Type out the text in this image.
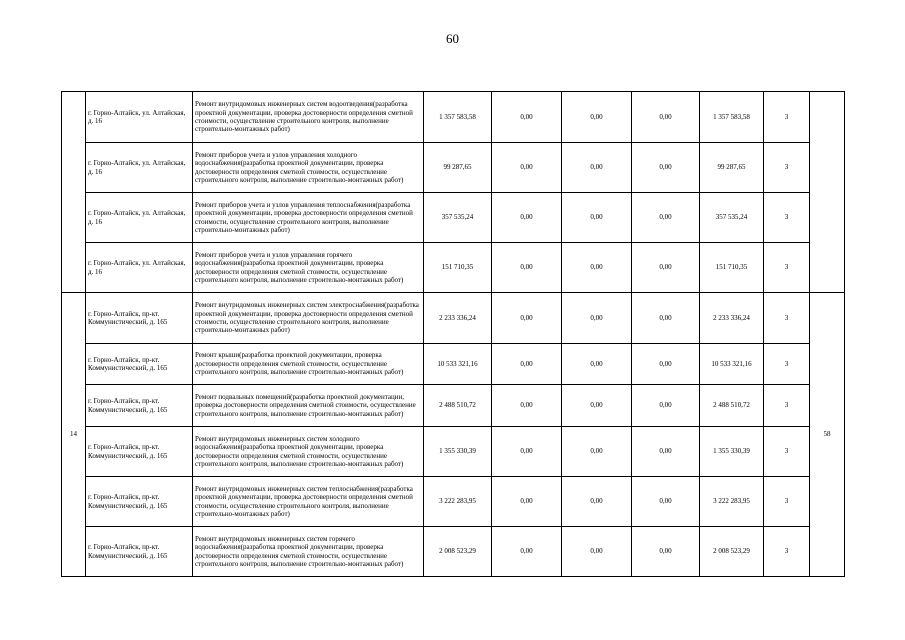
60
	г. Горно-Алтайск, ул. Алтайская, д. 16	Ремонт внутридомовых инженерных систем водоотведения(разработка проектной документации, проверка достоверности определения сметной стоимости, осуществление строительного контроля, выполнение строительно-монтажных работ)	1 357 583,58	0,00	0,00	0,00	1 357 583,58	3	
	г. Горно-Алтайск, ул. Алтайская, д. 16	Ремонт приборов учета и узлов управления холодного водоснабжения(разработка проектной документации, проверка достоверности определения сметной стоимости, осуществление строительного контроля, выполнение строительно-монтажных работ)	99 287,65	0,00	0,00	0,00	99 287,65	3	
	г. Горно-Алтайск, ул. Алтайская, д. 16	Ремонт приборов учета и узлов управления теплоснабжения(разработка проектной документации, проверка достоверности определения сметной стоимости, осуществление строительного контроля, выполнение строительно-монтажных работ)	357 535,24	0,00	0,00	0,00	357 535,24	3	
	г. Горно-Алтайск, ул. Алтайская, д. 16	Ремонт приборов учета и узлов управления горячего водоснабжения(разработка проектной документации, проверка достоверности определения сметной стоимости, осуществление строительного контроля, выполнение строительно-монтажных работ)	151 710,35	0,00	0,00	0,00	151 710,35	3	
14	г. Горно-Алтайск, пр-кт. Коммунистический, д. 165	Ремонт внутридомовых инженерных систем электроснабжения(разработка проектной документации, проверка достоверности определения сметной стоимости, осуществление строительного контроля, выполнение строительно-монтажных работ)	2 233 336,24	0,00	0,00	0,00	2 233 336,24	3	58
	г. Горно-Алтайск, пр-кт. Коммунистический, д. 165	Ремонт крыши(разработка проектной документации, проверка достоверности определения сметной стоимости, осуществление строительного контроля, выполнение строительно-монтажных работ)	10 533 321,16	0,00	0,00	0,00	10 533 321,16	3	
	г. Горно-Алтайск, пр-кт. Коммунистический, д. 165	Ремонт подвальных помещений(разработка проектной документации, проверка достоверности определения сметной стоимости, осуществление строительного контроля, выполнение строительно-монтажных работ)	2 488 510,72	0,00	0,00	0,00	2 488 510,72	3	
	г. Горно-Алтайск, пр-кт. Коммунистический, д. 165	Ремонт внутридомовых инженерных систем холодного водоснабжения(разработка проектной документации, проверка достоверности определения сметной стоимости, осуществление строительного контроля, выполнение строительно-монтажных работ)	1 355 330,39	0,00	0,00	0,00	1 355 330,39	3	
	г. Горно-Алтайск, пр-кт. Коммунистический, д. 165	Ремонт внутридомовых инженерных систем теплоснабжения(разработка проектной документации, проверка достоверности определения сметной стоимости, осуществление строительного контроля, выполнение строительно-монтажных работ)	3 222 283,95	0,00	0,00	0,00	3 222 283,95	3	
	г. Горно-Алтайск, пр-кт. Коммунистический, д. 165	Ремонт внутридомовых инженерных систем горячего водоснабжения(разработка проектной документации, проверка достоверности определения сметной стоимости, осуществление строительного контроля, выполнение строительно-монтажных работ)	2 008 523,29	0,00	0,00	0,00	2 008 523,29	3	
